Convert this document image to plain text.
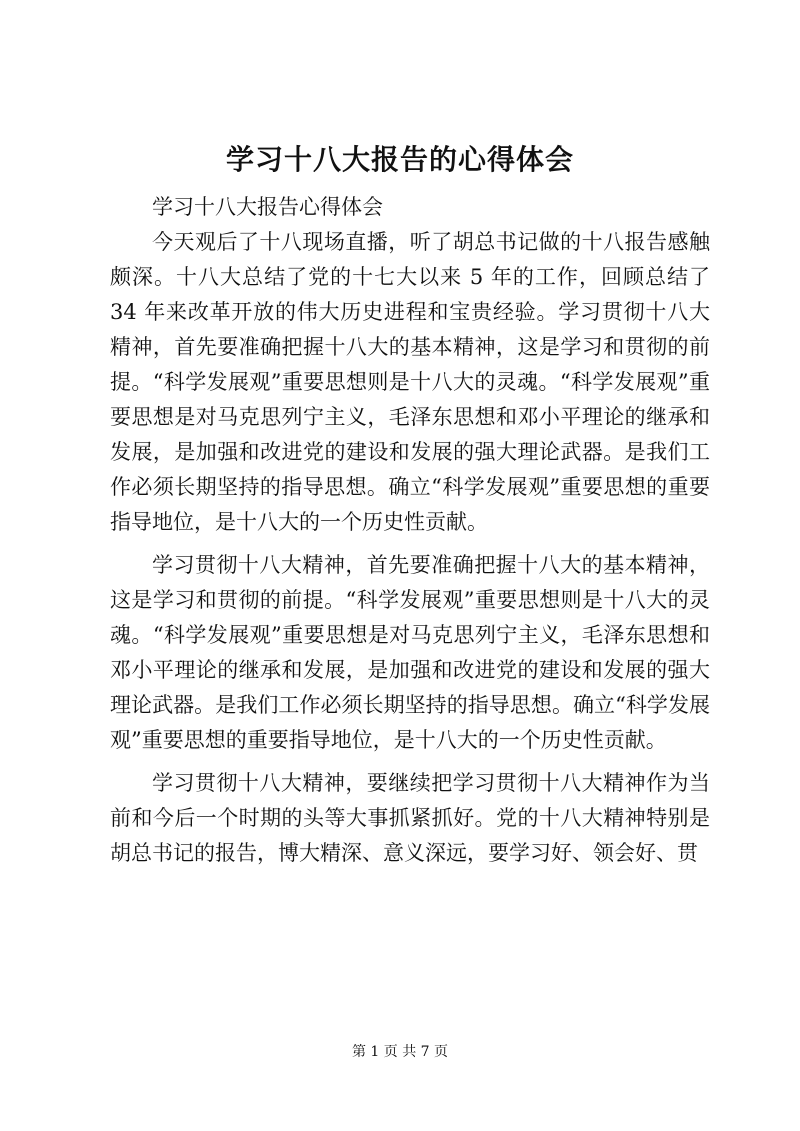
学习十八大报告的心得体会

学习十八大报告心得体会

今天观后了十八现场直播，听了胡总书记做的十八报告感触颇深。十八大总结了党的十七大以来 5 年的工作，回顾总结了 34 年来改革开放的伟大历史进程和宝贵经验。学习贯彻十八大精神，首先要准确把握十八大的基本精神，这是学习和贯彻的前提。“科学发展观”重要思想则是十八大的灵魂。“科学发展观”重要思想是对马克思列宁主义，毛泽东思想和邓小平理论的继承和发展，是加强和改进党的建设和发展的强大理论武器。是我们工作必须长期坚持的指导思想。确立“科学发展观”重要思想的重要指导地位，是十八大的一个历史性贡献。

学习贯彻十八大精神，首先要准确把握十八大的基本精神，这是学习和贯彻的前提。“科学发展观”重要思想则是十八大的灵魂。“科学发展观”重要思想是对马克思列宁主义，毛泽东思想和邓小平理论的继承和发展，是加强和改进党的建设和发展的强大理论武器。是我们工作必须长期坚持的指导思想。确立“科学发展观”重要思想的重要指导地位，是十八大的一个历史性贡献。

学习贯彻十八大精神，要继续把学习贯彻十八大精神作为当前和今后一个时期的头等大事抓紧抓好。党的十八大精神特别是胡总书记的报告，博大精深、意义深远，要学习好、领会好、贯

第 1 页 共 7 页
